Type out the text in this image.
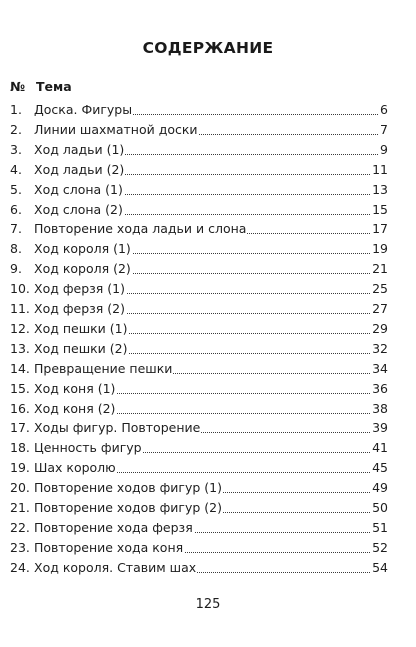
СОДЕРЖАНИЕ
№ Тема
1. Доска. Фигуры	6
2. Линии шахматной доски	7
3. Ход ладьи (1)	9
4. Ход ладьи (2)	11
5. Ход слона (1)	13
6. Ход слона (2)	15
7. Повторение хода ладьи и слона	17
8. Ход короля (1)	19
9. Ход короля (2)	21
10. Ход ферзя (1)	25
11. Ход ферзя (2)	27
12. Ход пешки (1)	29
13. Ход пешки (2)	32
14. Превращение пешки	34
15. Ход коня (1)	36
16. Ход коня (2)	38
17. Ходы фигур. Повторение	39
18. Ценность фигур	41
19. Шах королю	45
20. Повторение ходов фигур (1)	49
21. Повторение ходов фигур (2)	50
22. Повторение хода ферзя	51
23. Повторение хода коня	52
24. Ход короля. Ставим шах	54
125
